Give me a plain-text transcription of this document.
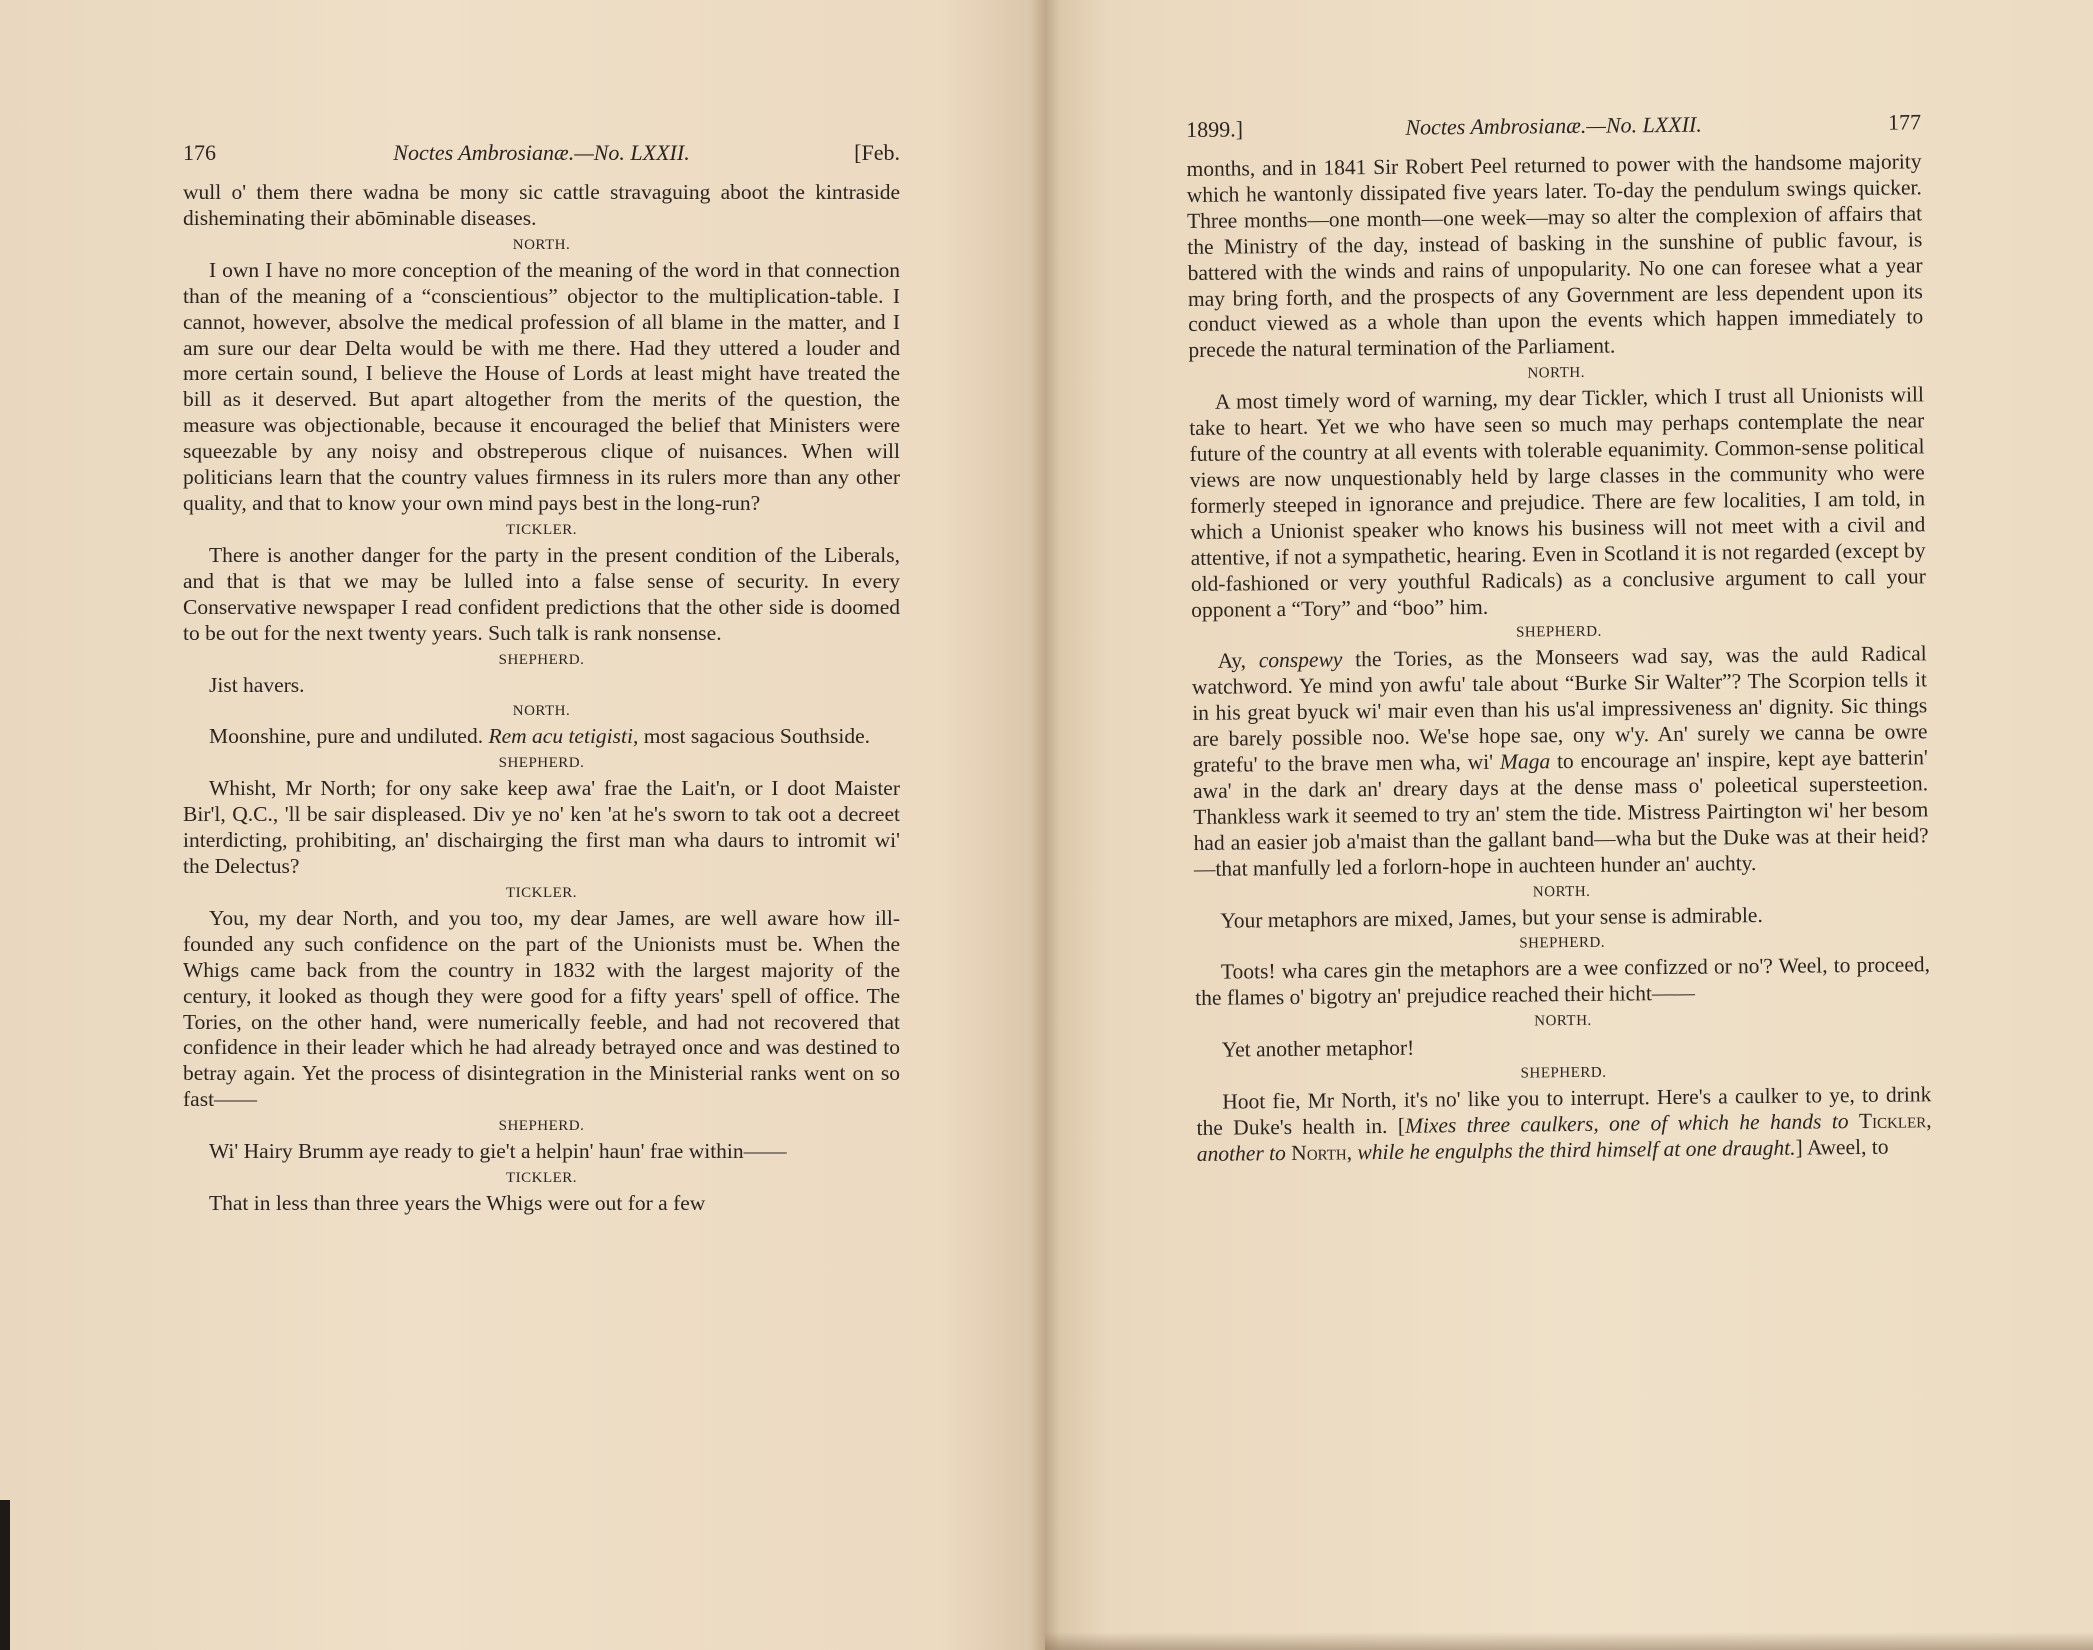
176	Noctes Ambrosianæ.—No. LXXII.	[Feb.

wull o' them there wadna be mony sic cattle stravaguing aboot the kintraside disheminating their abōminable diseases.

NORTH.

I own I have no more conception of the meaning of the word in that connection than of the meaning of a “conscientious” objector to the multiplication-table. I cannot, however, absolve the medical profession of all blame in the matter, and I am sure our dear Delta would be with me there. Had they uttered a louder and more certain sound, I believe the House of Lords at least might have treated the bill as it deserved. But apart altogether from the merits of the question, the measure was objectionable, because it encouraged the belief that Ministers were squeezable by any noisy and obstreperous clique of nuisances. When will politicians learn that the country values firmness in its rulers more than any other quality, and that to know your own mind pays best in the long-run?

TICKLER.

There is another danger for the party in the present condition of the Liberals, and that is that we may be lulled into a false sense of security. In every Conservative newspaper I read confident predictions that the other side is doomed to be out for the next twenty years. Such talk is rank nonsense.

SHEPHERD.

Jist havers.

NORTH.

Moonshine, pure and undiluted. Rem acu tetigisti, most sagacious Southside.

SHEPHERD.

Whisht, Mr North; for ony sake keep awa' frae the Lait'n, or I doot Maister Bir'l, Q.C., 'll be sair displeased. Div ye no' ken 'at he's sworn to tak oot a decreet interdicting, prohibiting, an' dischairging the first man wha daurs to intromit wi' the Delectus?

TICKLER.

You, my dear North, and you too, my dear James, are well aware how ill-founded any such confidence on the part of the Unionists must be. When the Whigs came back from the country in 1832 with the largest majority of the century, it looked as though they were good for a fifty years' spell of office. The Tories, on the other hand, were numerically feeble, and had not recovered that confidence in their leader which he had already betrayed once and was destined to betray again. Yet the process of disintegration in the Ministerial ranks went on so fast——

SHEPHERD.

Wi' Hairy Brumm aye ready to gie't a helpin' haun' frae within——

TICKLER.

That in less than three years the Whigs were out for a few

1899.]	Noctes Ambrosianæ.—No. LXXII.	177

months, and in 1841 Sir Robert Peel returned to power with the handsome majority which he wantonly dissipated five years later. To-day the pendulum swings quicker. Three months—one month—one week—may so alter the complexion of affairs that the Ministry of the day, instead of basking in the sunshine of public favour, is battered with the winds and rains of unpopularity. No one can foresee what a year may bring forth, and the prospects of any Government are less dependent upon its conduct viewed as a whole than upon the events which happen immediately to precede the natural termination of the Parliament.

NORTH.

A most timely word of warning, my dear Tickler, which I trust all Unionists will take to heart. Yet we who have seen so much may perhaps contemplate the near future of the country at all events with tolerable equanimity. Common-sense political views are now unquestionably held by large classes in the community who were formerly steeped in ignorance and prejudice. There are few localities, I am told, in which a Unionist speaker who knows his business will not meet with a civil and attentive, if not a sympathetic, hearing. Even in Scotland it is not regarded (except by old-fashioned or very youthful Radicals) as a conclusive argument to call your opponent a “Tory” and “boo” him.

SHEPHERD.

Ay, conspewy the Tories, as the Monseers wad say, was the auld Radical watchword. Ye mind yon awfu' tale about “Burke Sir Walter”? The Scorpion tells it in his great byuck wi' mair even than his us'al impressiveness an' dignity. Sic things are barely possible noo. We'se hope sae, ony w'y. An' surely we canna be owre gratefu' to the brave men wha, wi' Maga to encourage an' inspire, kept aye batterin' awa' in the dark an' dreary days at the dense mass o' poleetical supersteetion. Thankless wark it seemed to try an' stem the tide. Mistress Pairtington wi' her besom had an easier job a'maist than the gallant band—wha but the Duke was at their heid?—that manfully led a forlorn-hope in auchteen hunder an' auchty.

NORTH.

Your metaphors are mixed, James, but your sense is admirable.

SHEPHERD.

Toots! wha cares gin the metaphors are a wee confizzed or no'? Weel, to proceed, the flames o' bigotry an' prejudice reached their hicht——

NORTH.

Yet another metaphor!

SHEPHERD.

Hoot fie, Mr North, it's no' like you to interrupt. Here's a caulker to ye, to drink the Duke's health in. [Mixes three caulkers, one of which he hands to Tickler, another to North, while he engulphs the third himself at one draught.] Aweel, to
